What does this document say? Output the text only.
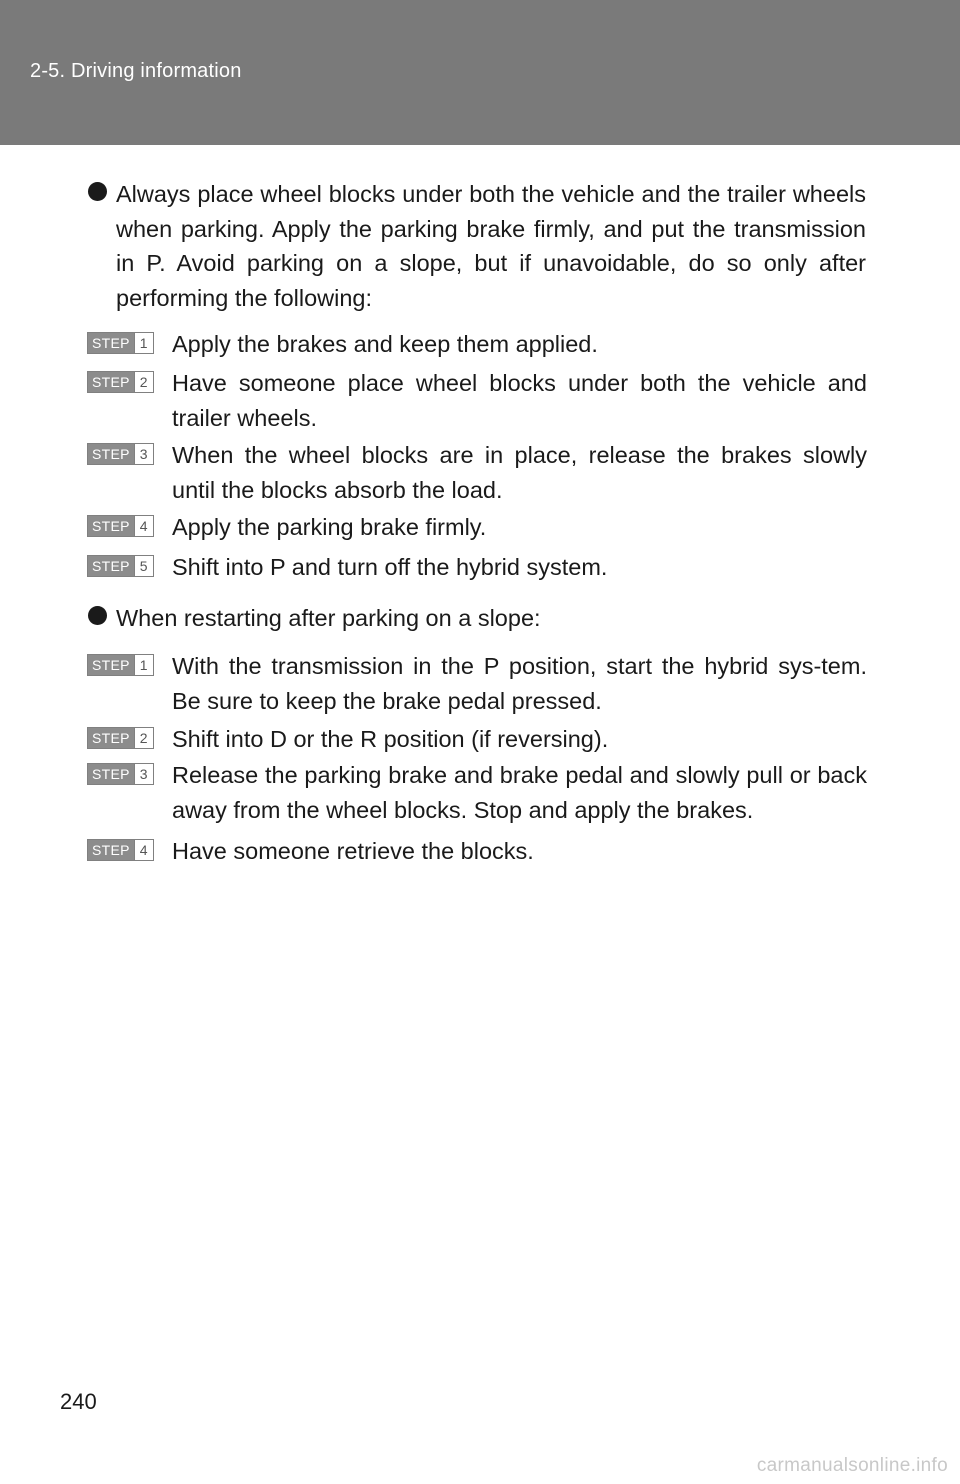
2-5. Driving information
Always place wheel blocks under both the vehicle and the trailer wheels when parking. Apply the parking brake firmly, and put the transmission in P. Avoid parking on a slope, but if unavoidable, do so only after performing the following:
STEP 1 Apply the brakes and keep them applied.
STEP 2 Have someone place wheel blocks under both the vehicle and trailer wheels.
STEP 3 When the wheel blocks are in place, release the brakes slowly until the blocks absorb the load.
STEP 4 Apply the parking brake firmly.
STEP 5 Shift into P and turn off the hybrid system.
When restarting after parking on a slope:
STEP 1 With the transmission in the P position, start the hybrid sys-tem. Be sure to keep the brake pedal pressed.
STEP 2 Shift into D or the R position (if reversing).
STEP 3 Release the parking brake and brake pedal and slowly pull or back away from the wheel blocks. Stop and apply the brakes.
STEP 4 Have someone retrieve the blocks.
240
carmanualsonline.info
